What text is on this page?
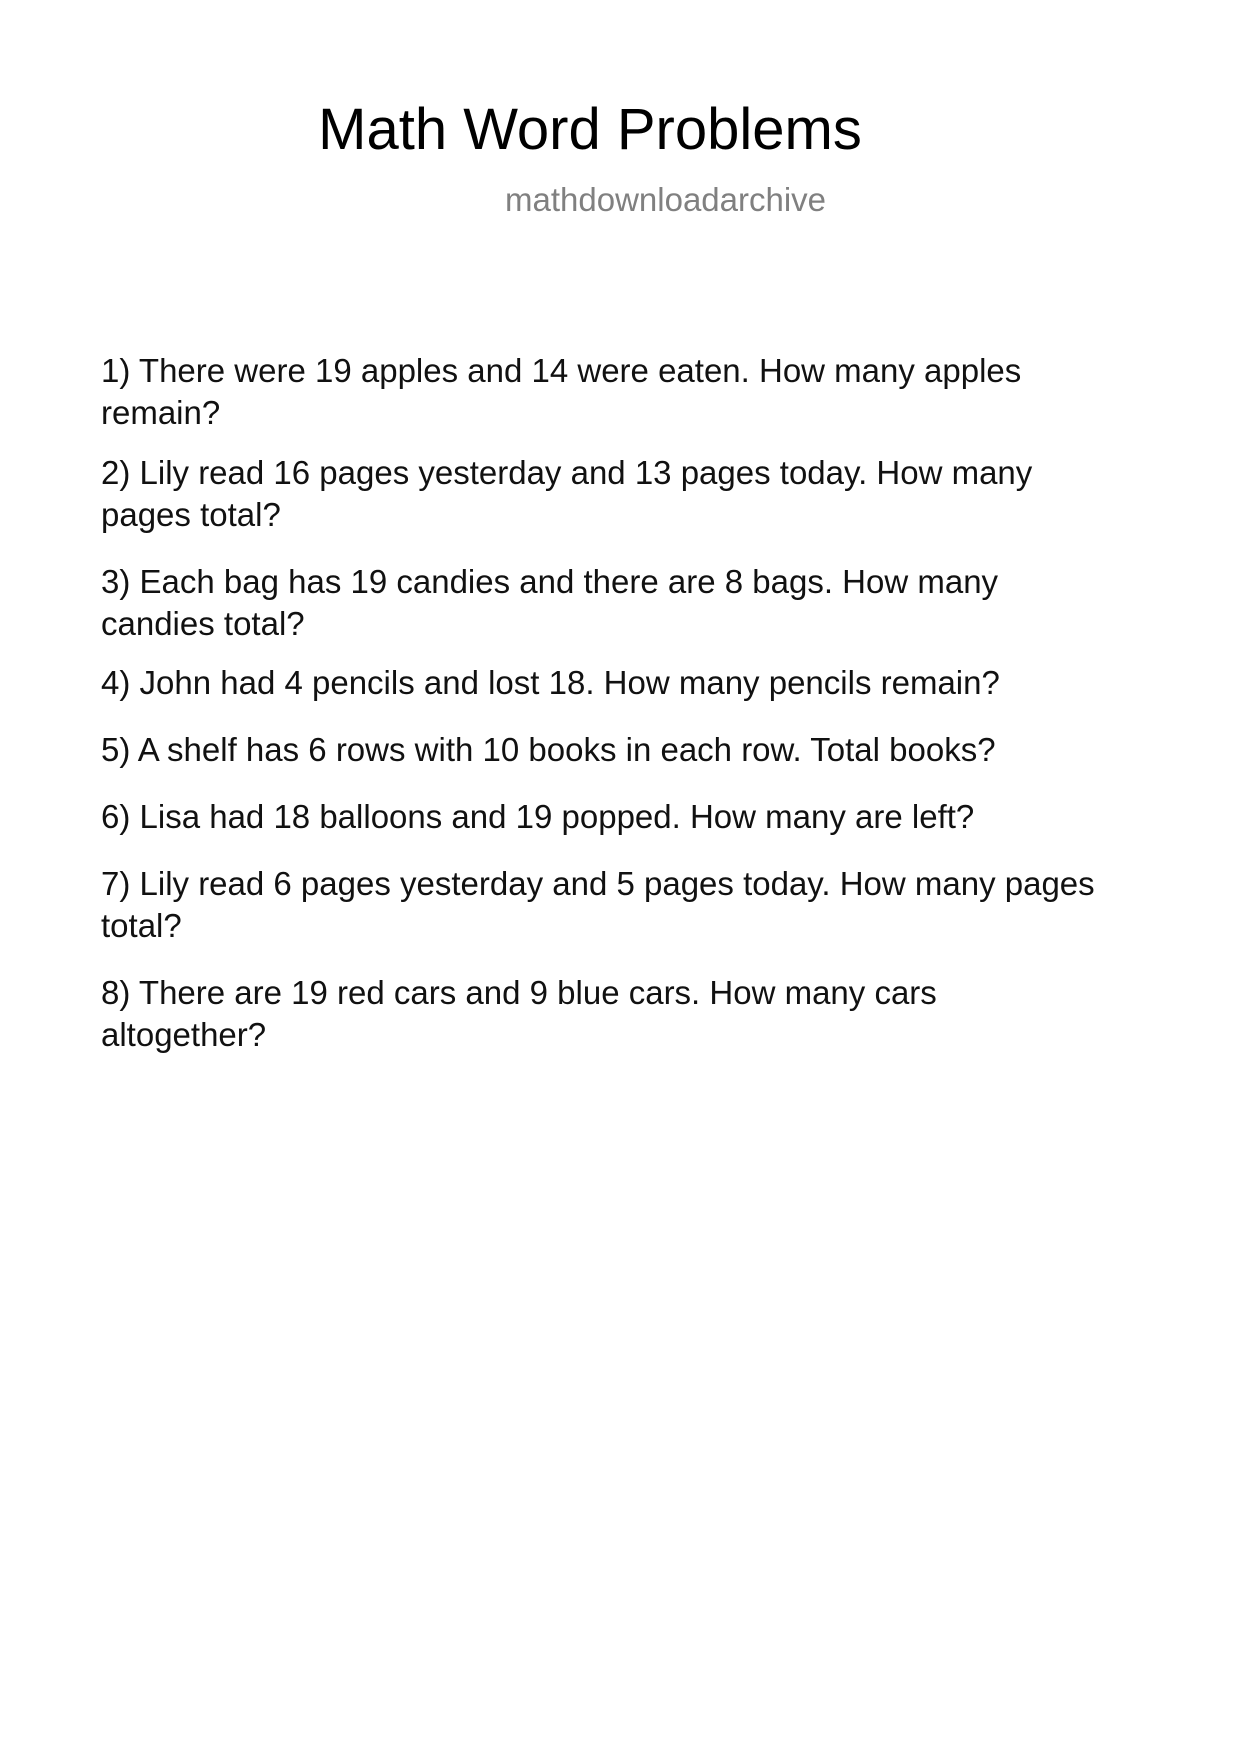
Math Word Problems

mathdownloadarchive

1) There were 19 apples and 14 were eaten. How many apples remain?
2) Lily read 16 pages yesterday and 13 pages today. How many pages total?
3) Each bag has 19 candies and there are 8 bags. How many candies total?
4) John had 4 pencils and lost 18. How many pencils remain?
5) A shelf has 6 rows with 10 books in each row. Total books?
6) Lisa had 18 balloons and 19 popped. How many are left?
7) Lily read 6 pages yesterday and 5 pages today. How many pages total?
8) There are 19 red cars and 9 blue cars. How many cars altogether?
